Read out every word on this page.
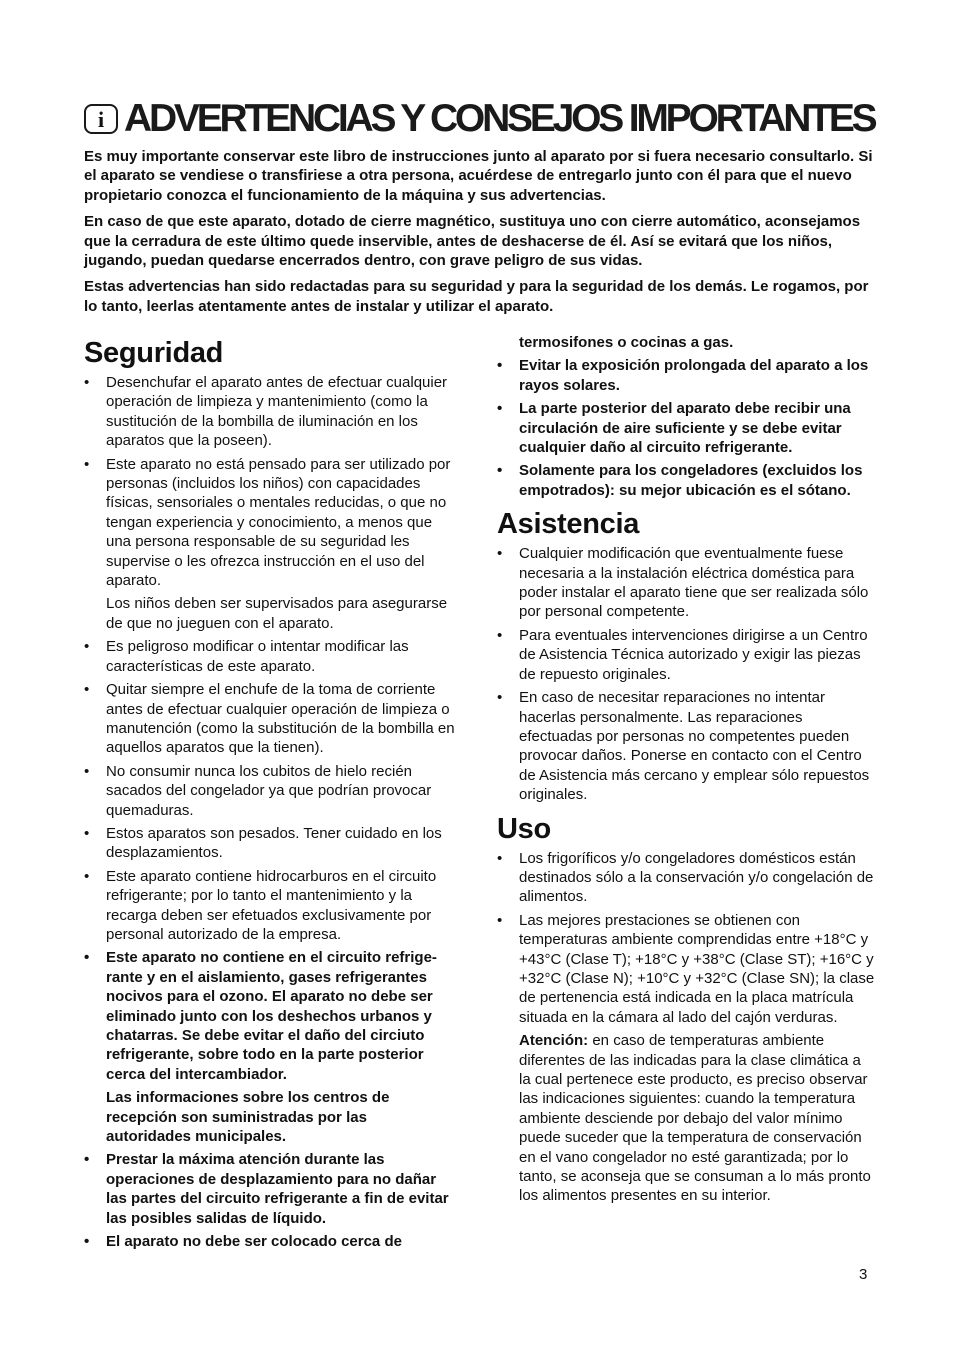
i ADVERTENCIAS Y CONSEJOS IMPORTANTES

Es muy importante conservar este libro de instrucciones junto al aparato por si fuera necesario consultarlo. Si el aparato se vendiese o transfiriese a otra persona, acuérdese de entregarlo junto con él para que el nuevo propietario conozca el funcionamiento de la máquina y sus advertencias.

En caso de que este aparato, dotado de cierre magnético, sustituya uno con cierre automático, aconsejamos que la cerradura de este último quede inservible, antes de deshacerse de él. Así se evitará que los niños, jugando, puedan quedarse encerrados dentro, con grave peligro de sus vidas.

Estas advertencias han sido redactadas para su seguridad y para la seguridad de los demás. Le rogamos, por lo tanto, leerlas atentamente antes de instalar y utilizar el aparato.

Seguridad
• Desenchufar el aparato antes de efectuar cualquier operación de limpieza y mantenimiento (como la sustitución de la bombilla de iluminación en los aparatos que la poseen).

• Este aparato no está pensado para ser utilizado por personas (incluidos los niños) con capacidades físicas, sensoriales o mentales reducidas, o que no tengan experiencia y conocimiento, a menos que una persona responsable de su seguridad les supervise o les ofrezca instrucción en el uso del aparato.

Los niños deben ser supervisados para asegurarse de que no jueguen con el aparato.

• Es peligroso modificar o intentar modificar las características de este aparato.

• Quitar siempre el enchufe de la toma de corriente antes de efectuar cualquier operación de limpieza o manutención (como la substitución de la bombilla en aquellos aparatos que la tienen).

• No consumir nunca los cubitos de hielo recién sacados del congelador ya que podrían provocar quemaduras.

• Estos aparatos son pesados. Tener cuidado en los desplazamientos.

• Este aparato contiene hidrocarburos en el circuito refrigerante; por lo tanto el mantenimiento y la recarga deben ser efetuados exclusivamente por personal autorizado de la empresa.

• Este aparato no contiene en el circuito refrige-rante y en el aislamiento, gases refrigerantes nocivos para el ozono. El aparato no debe ser eliminado junto con los deshechos urbanos y chatarras. Se debe evitar el daño del circiuto refrigerante, sobre todo en la parte posterior cerca del intercambiador.

Las informaciones sobre los centros de recepción son suministradas por las autoridades municipales.

• Prestar la máxima atención durante las operaciones de desplazamiento para no dañar las partes del circuito refrigerante a fin de evitar las posibles salidas de líquido.

• El aparato no debe ser colocado cerca de

termosifones o cocinas a gas.
• Evitar la exposición prolongada del aparato a los rayos solares.

• La parte posterior del aparato debe recibir una circulación de aire suficiente y se debe evitar cualquier daño al circuito refrigerante.

• Solamente para los congeladores (excluidos los empotrados): su mejor ubicación es el sótano.

Asistencia
• Cualquier modificación que eventualmente fuese necesaria a la instalación eléctrica doméstica para poder instalar el aparato tiene que ser realizada sólo por personal competente.

• Para eventuales intervenciones dirigirse a un Centro de Asistencia Técnica autorizado y exigir las piezas de repuesto originales.

• En caso de necesitar reparaciones no intentar hacerlas personalmente. Las reparaciones efectuadas por personas no competentes pueden provocar daños. Ponerse en contacto con el Centro de Asistencia más cercano y emplear sólo repuestos originales.

Uso
• Los frigoríficos y/o congeladores domésticos están destinados sólo a la conservación y/o congelación de alimentos.

• Las mejores prestaciones se obtienen con temperaturas ambiente comprendidas entre +18°C y +43°C (Clase T); +18°C y +38°C (Clase ST); +16°C y +32°C (Clase N); +10°C y +32°C (Clase SN); la clase de pertenencia está indicada en la placa matrícula situada en la cámara al lado del cajón verduras.

Atención: en caso de temperaturas ambiente diferentes de las indicadas para la clase climática a la cual pertenece este producto, es preciso observar las indicaciones siguientes: cuando la temperatura ambiente desciende por debajo del valor mínimo puede suceder que la temperatura de conservación en el vano congelador no esté garantizada; por lo tanto, se aconseja que se consuman a lo más pronto los alimentos presentes en su interior.

3
